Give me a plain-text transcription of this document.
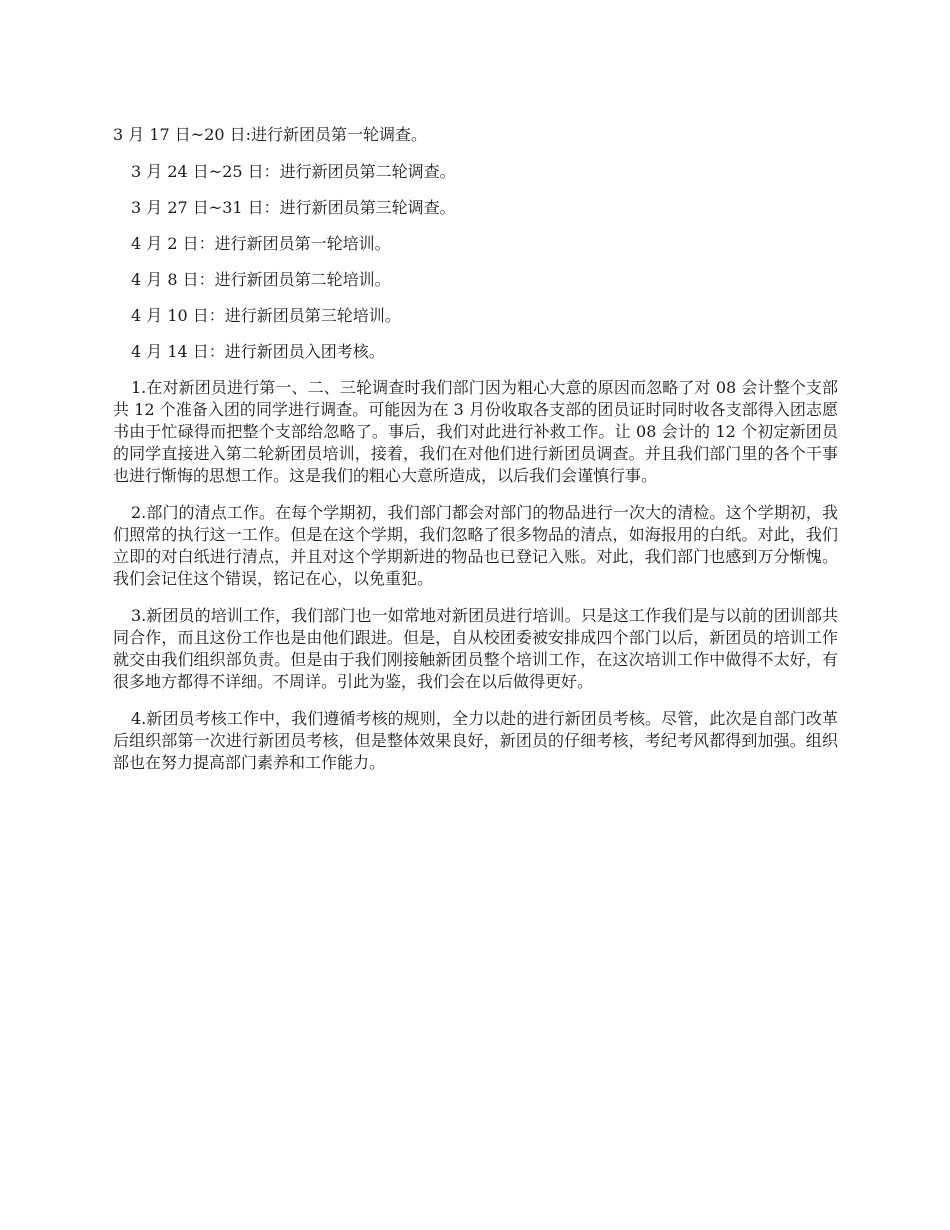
3 月 17 日~20 日:进行新团员第一轮调查。
3 月 24 日~25 日：进行新团员第二轮调查。
3 月 27 日~31 日：进行新团员第三轮调查。
4 月 2 日：进行新团员第一轮培训。
4 月 8 日：进行新团员第二轮培训。
4 月 10 日：进行新团员第三轮培训。
4 月 14 日：进行新团员入团考核。

1.在对新团员进行第一、二、三轮调查时我们部门因为粗心大意的原因而忽略了对 08 会计整个支部共 12 个准备入团的同学进行调查。可能因为在 3 月份收取各支部的团员证时同时收各支部得入团志愿书由于忙碌得而把整个支部给忽略了。事后，我们对此进行补救工作。让 08 会计的 12 个初定新团员的同学直接进入第二轮新团员培训，接着，我们在对他们进行新团员调查。并且我们部门里的各个干事也进行惭悔的思想工作。这是我们的粗心大意所造成，以后我们会谨慎行事。

2.部门的清点工作。在每个学期初，我们部门都会对部门的物品进行一次大的清检。这个学期初，我们照常的执行这一工作。但是在这个学期，我们忽略了很多物品的清点，如海报用的白纸。对此，我们立即的对白纸进行清点，并且对这个学期新进的物品也已登记入账。对此，我们部门也感到万分惭愧。我们会记住这个错误，铭记在心，以免重犯。

3.新团员的培训工作，我们部门也一如常地对新团员进行培训。只是这工作我们是与以前的团训部共同合作，而且这份工作也是由他们跟进。但是，自从校团委被安排成四个部门以后，新团员的培训工作就交由我们组织部负责。但是由于我们刚接触新团员整个培训工作，在这次培训工作中做得不太好，有很多地方都得不详细。不周详。引此为鉴，我们会在以后做得更好。

4.新团员考核工作中，我们遵循考核的规则，全力以赴的进行新团员考核。尽管，此次是自部门改革后组织部第一次进行新团员考核，但是整体效果良好，新团员的仔细考核，考纪考风都得到加强。组织部也在努力提高部门素养和工作能力。
